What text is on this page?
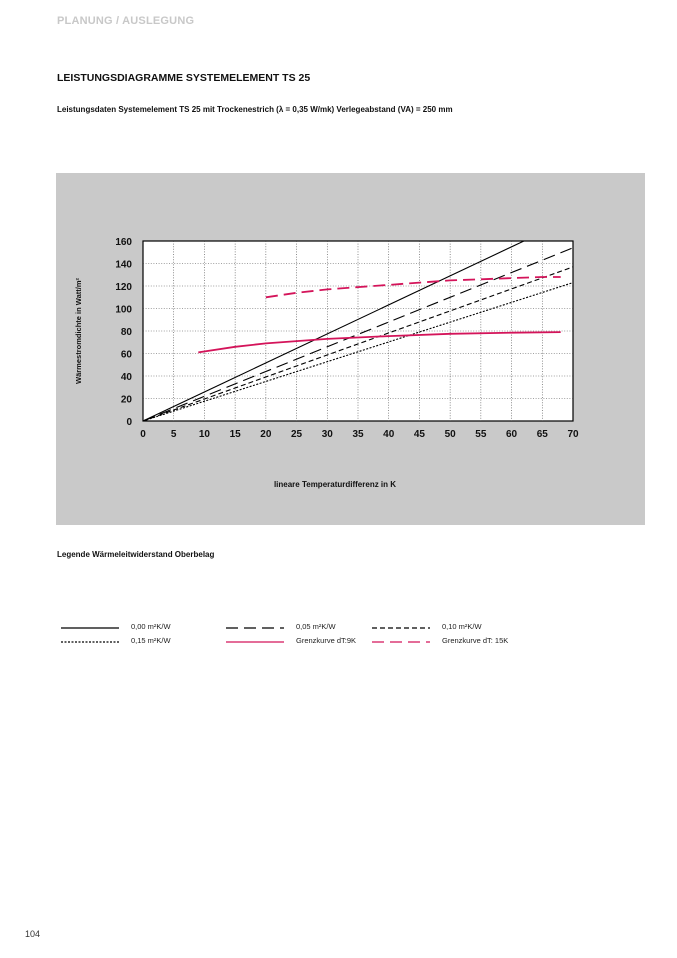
PLANUNG / AUSLEGUNG
LEISTUNGSDIAGRAMME SYSTEMELEMENT TS 25
Leistungsdaten Systemelement TS 25 mit Trockenestrich (λ = 0,35 W/mk) Verlegeabstand (VA) = 250 mm
0
20
40
60
80
100
120
140
160
0	5 10 15 20 25 30 35 40 45 50 55 60 65 70
Wärmestromdichte in Watt/m²
lineare Temperaturdifferenz in K
Legende Wärmeleitwiderstand Oberbelag
0,00 m²K/W	0,05 m²K/W	0,10 m²K/W
0,15 m²K/W	Grenzkurve dT:9K	Grenzkurve dT: 15K
104
